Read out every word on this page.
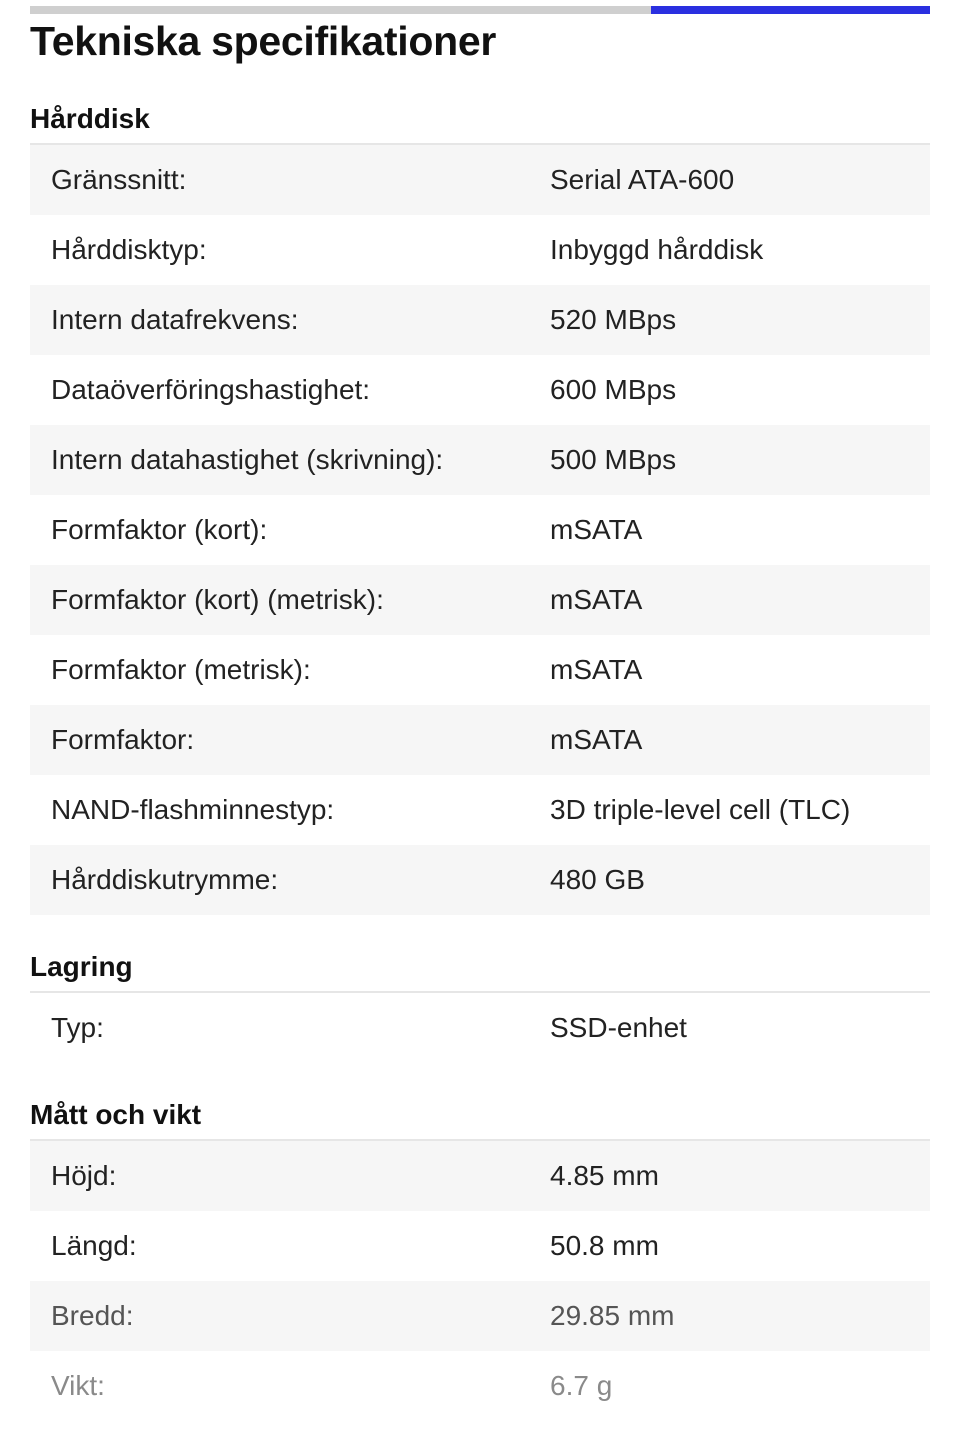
Tekniska specifikationer
Hårddisk
Gränssnitt:	Serial ATA-600
Hårddisktyp:	Inbyggd hårddisk
Intern datafrekvens:	520 MBps
Dataöverföringshastighet:	600 MBps
Intern datahastighet (skrivning):	500 MBps
Formfaktor (kort):	mSATA
Formfaktor (kort) (metrisk):	mSATA
Formfaktor (metrisk):	mSATA
Formfaktor:	mSATA
NAND-flashminnestyp:	3D triple-level cell (TLC)
Hårddiskutrymme:	480 GB
Lagring
Typ:	SSD-enhet
Mått och vikt
Höjd:	4.85 mm
Längd:	50.8 mm
Bredd:	29.85 mm
Vikt:	6.7 g
